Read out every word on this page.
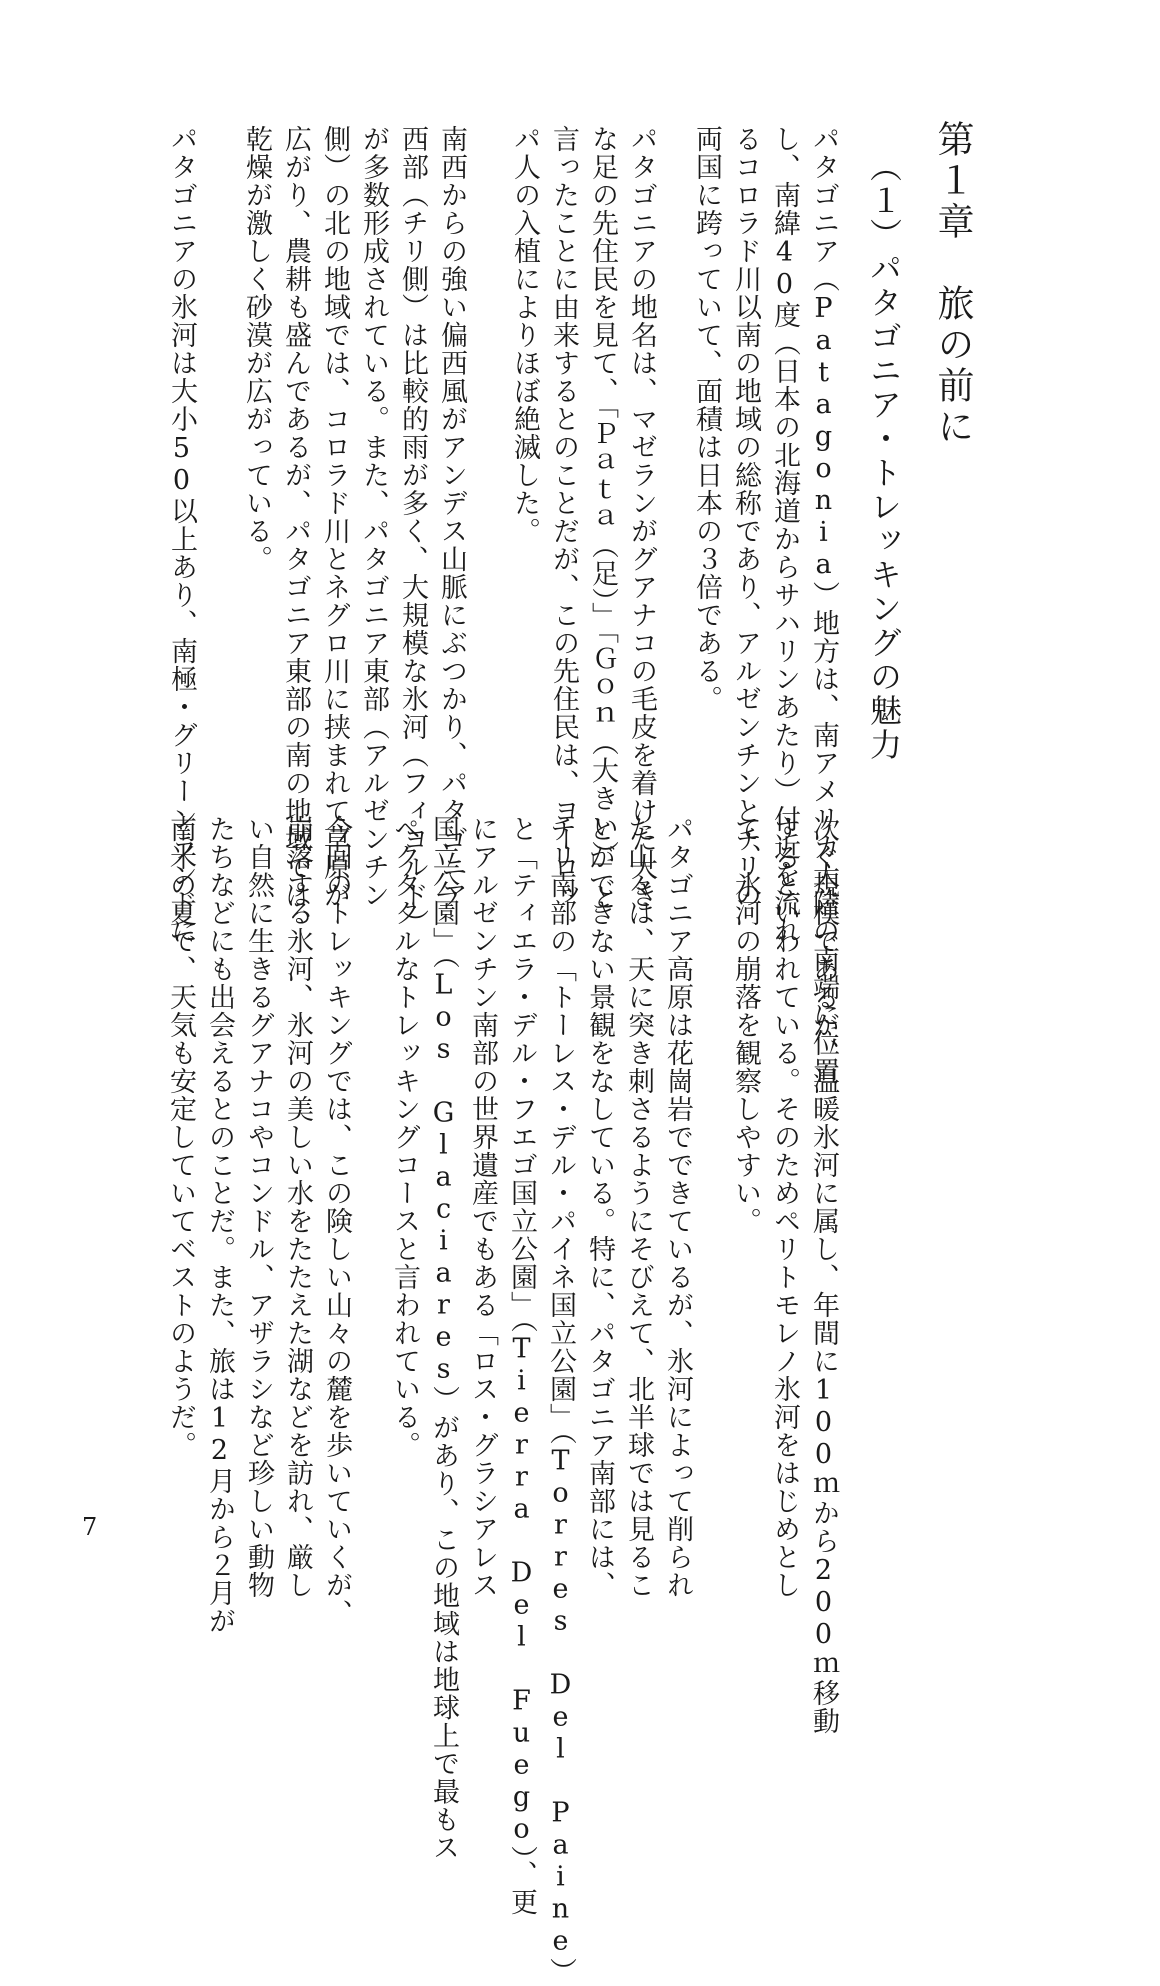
第１章　旅の前に
（１）パタゴニア・トレッキングの魅力
パタゴニア（Patagonia）地方は、南アメリカ大陸の南端に位置
し、南緯40度（日本の北海道からサハリンあたり）付近を流れ
るコロラド川以南の地域の総称であり、アルゼンチンとチリの
両国に跨っていて、面積は日本の３倍である。
パタゴニアの地名は、マゼランがグアナコの毛皮を着けた大き
な足の先住民を見て、「Ｐａｔａ（足）」「Ｇｏｎ（大きい）」と
言ったことに由来するとのことだが、この先住民は、ヨーロッ
パ人の入植によりほぼ絶滅した。
南西からの強い偏西風がアンデス山脈にぶつかり、パタゴニア
西部（チリ側）は比較的雨が多く、大規模な氷河（フィヨルド）
が多数形成されている。また、パタゴニア東部（アルゼンチン
側）の北の地域では、コロラド川とネグロ川に挟まれて草原が
広がり、農耕も盛んであるが、パタゴニア東部の南の地域では、
乾燥が激しく砂漠が広がっている。
パタゴニアの氷河は大小50以上あり、南極・グリーンランドに
次ぐ規模であるが、温暖氷河に属し、年間に100ｍから200ｍ移動
するといわれている。そのためペリトモレノ氷河をはじめとし
て、氷河の崩落を観察しやすい。
パタゴニア高原は花崗岩でできているが、氷河によって削られ
た山々は、天に突き刺さるようにそびえて、北半球では見るこ
とができない景観をなしている。特に、パタゴニア南部には、
チリ南部の「トーレス・デル・パイネ国立公園」（Torres Del Paine）
と「ティエラ・デル・フエゴ国立公園」（Tierra Del Fuego）、更
にアルゼンチン南部の世界遺産でもある「ロス・グラシアレス
国立公園」（Los Glaciares）があり、この地域は地球上で最もス
ペクタクルなトレッキングコースと言われている。
今回のトレッキングでは、この険しい山々の麓を歩いていくが、
崩落する氷河、氷河の美しい水をたたえた湖などを訪れ、厳し
い自然に生きるグアナコやコンドル、アザラシなど珍しい動物
たちなどにも出会えるとのことだ。また、旅は12月から２月が
南米の夏で、天気も安定していてベストのようだ。
7
